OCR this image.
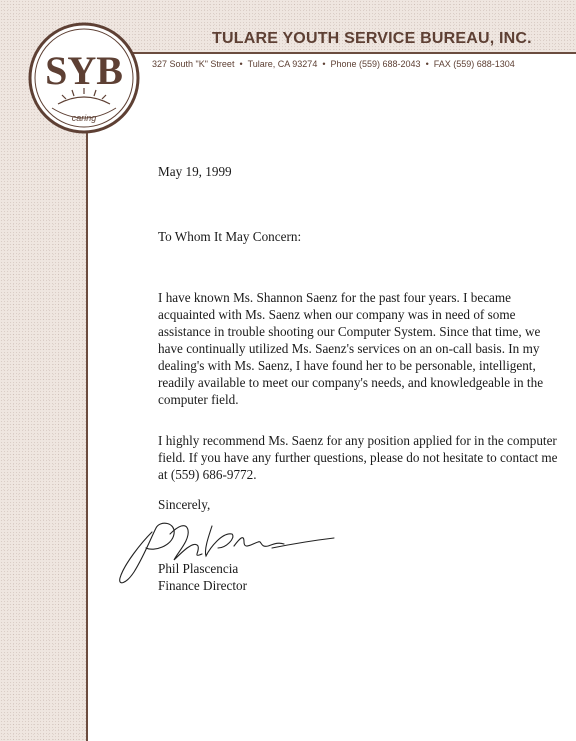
SYB
caring
TULARE YOUTH SERVICE BUREAU, INC.
327 South "K" Street • Tulare, CA 93274 • Phone (559) 688-2043 • FAX (559) 688-1304
May 19, 1999
To Whom It May Concern:

I have known Ms. Shannon Saenz for the past four years. I became acquainted with Ms. Saenz when our company was in need of some assistance in trouble shooting our Computer System. Since that time, we have continually utilized Ms. Saenz's services on an on-call basis. In my dealing's with Ms. Saenz, I have found her to be personable, intelligent, readily available to meet our company's needs, and knowledgeable in the computer field.

I highly recommend Ms. Saenz for any position applied for in the computer field. If you have any further questions, please do not hesitate to contact me at (559) 686-9772.

Sincerely,
Phil Plascencia
Finance Director
